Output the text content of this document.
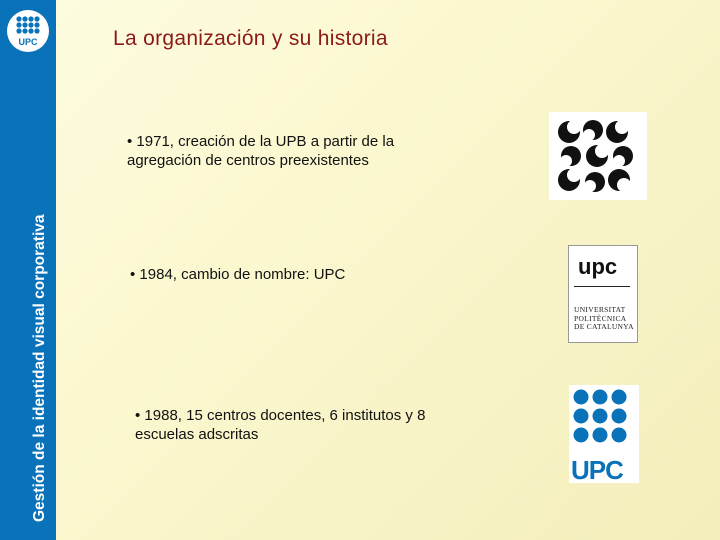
UPC
Gestión de la identidad visual corporativa
La organización y su historia
• 1971, creación de la UPB a partir de la
agregación de centros preexistentes
• 1984, cambio de nombre: UPC
• 1988, 15 centros docentes, 6 institutos y 8
escuelas adscritas
upc
UNIVERSITAT
POLITÈCNICA
DE CATALUNYA
UPC
